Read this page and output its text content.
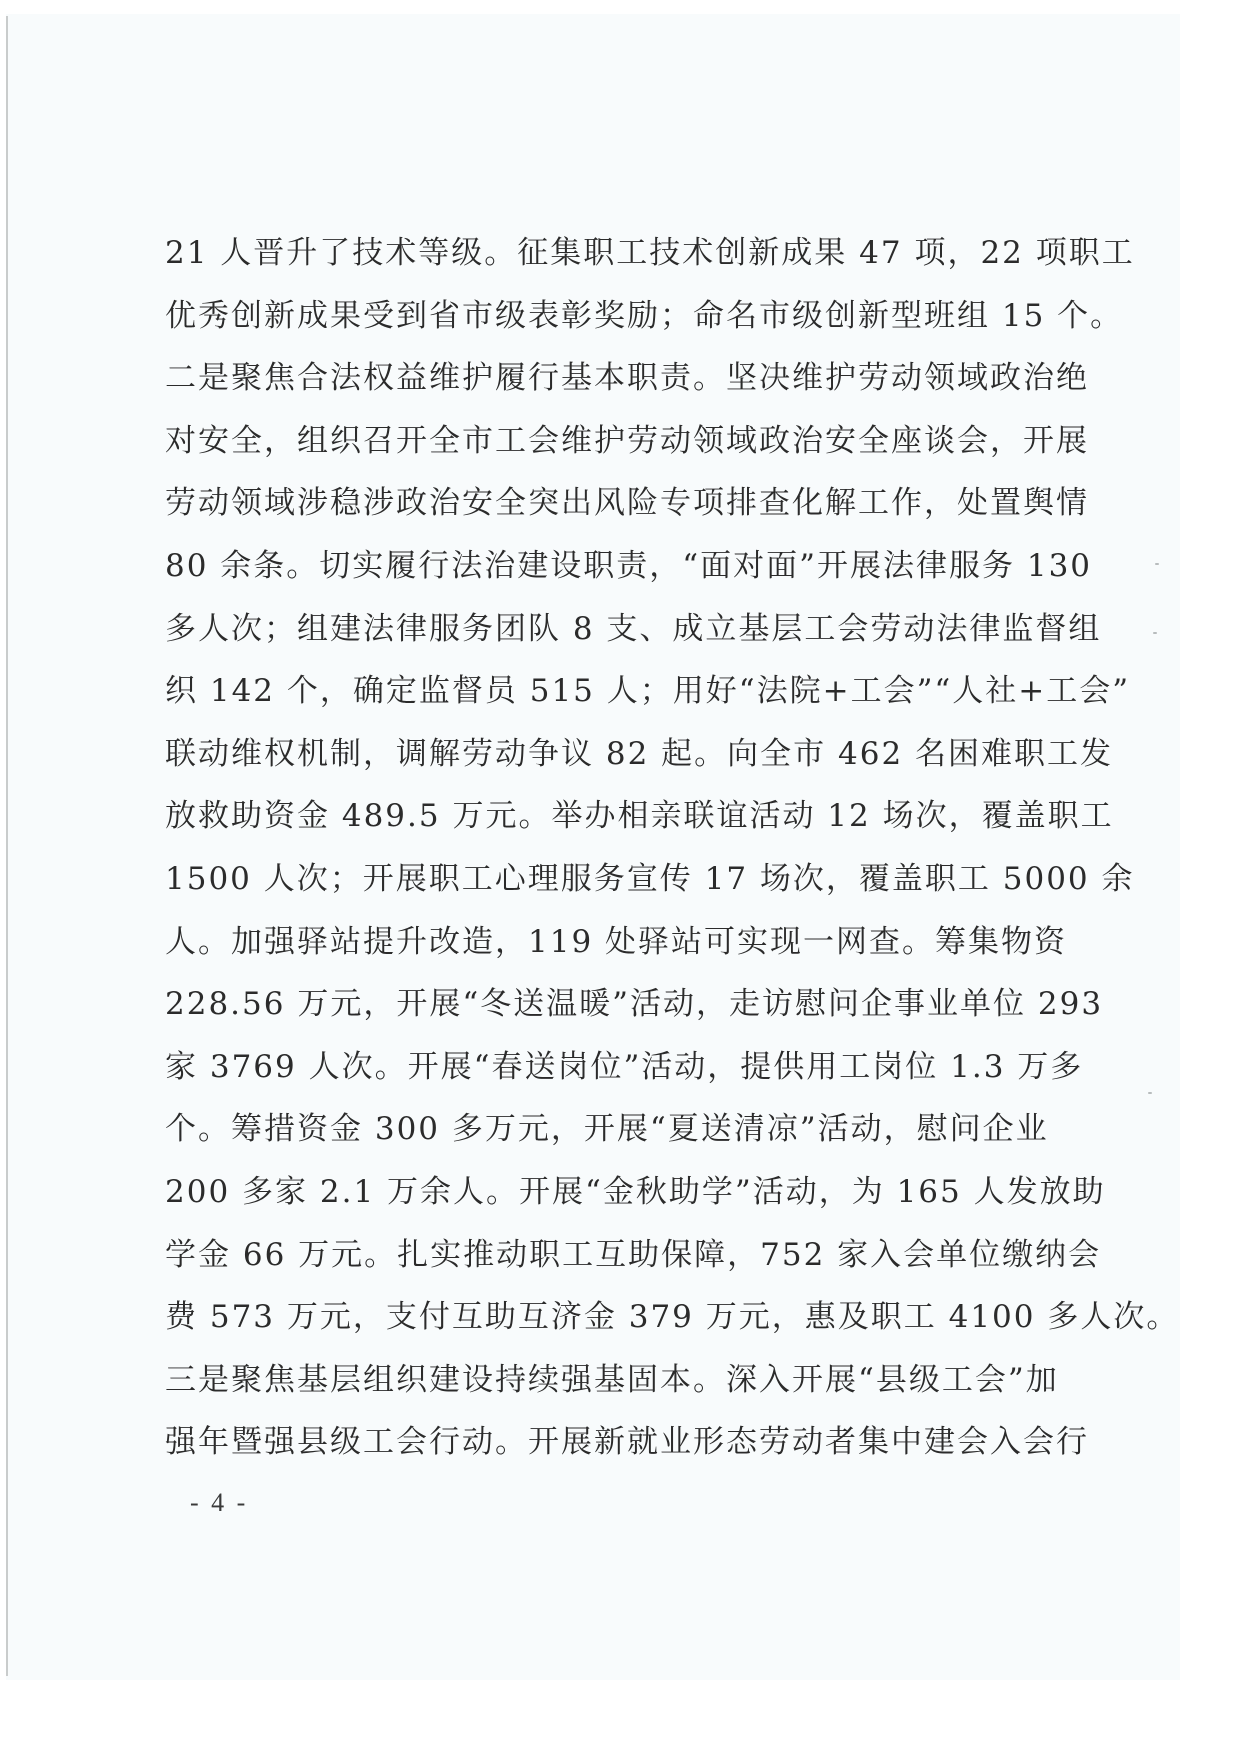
21 人晋升了技术等级。征集职工技术创新成果 47 项，22 项职工
优秀创新成果受到省市级表彰奖励；命名市级创新型班组 15 个。
二是聚焦合法权益维护履行基本职责。坚决维护劳动领域政治绝
对安全，组织召开全市工会维护劳动领域政治安全座谈会，开展
劳动领域涉稳涉政治安全突出风险专项排查化解工作，处置舆情
80 余条。切实履行法治建设职责，“面对面”开展法律服务 130
多人次；组建法律服务团队 8 支、成立基层工会劳动法律监督组
织 142 个，确定监督员 515 人；用好“法院+工会”“人社+工会”
联动维权机制，调解劳动争议 82 起。向全市 462 名困难职工发
放救助资金 489.5 万元。举办相亲联谊活动 12 场次，覆盖职工
1500 人次；开展职工心理服务宣传 17 场次，覆盖职工 5000 余
人。加强驿站提升改造，119 处驿站可实现一网查。筹集物资
228.56 万元，开展“冬送温暖”活动，走访慰问企事业单位 293
家 3769 人次。开展“春送岗位”活动，提供用工岗位 1.3 万多
个。筹措资金 300 多万元，开展“夏送清凉”活动，慰问企业
200 多家 2.1 万余人。开展“金秋助学”活动，为 165 人发放助
学金 66 万元。扎实推动职工互助保障，752 家入会单位缴纳会
费 573 万元，支付互助互济金 379 万元，惠及职工 4100 多人次。
三是聚焦基层组织建设持续强基固本。深入开展“县级工会”加
强年暨强县级工会行动。开展新就业形态劳动者集中建会入会行
- 4 -
